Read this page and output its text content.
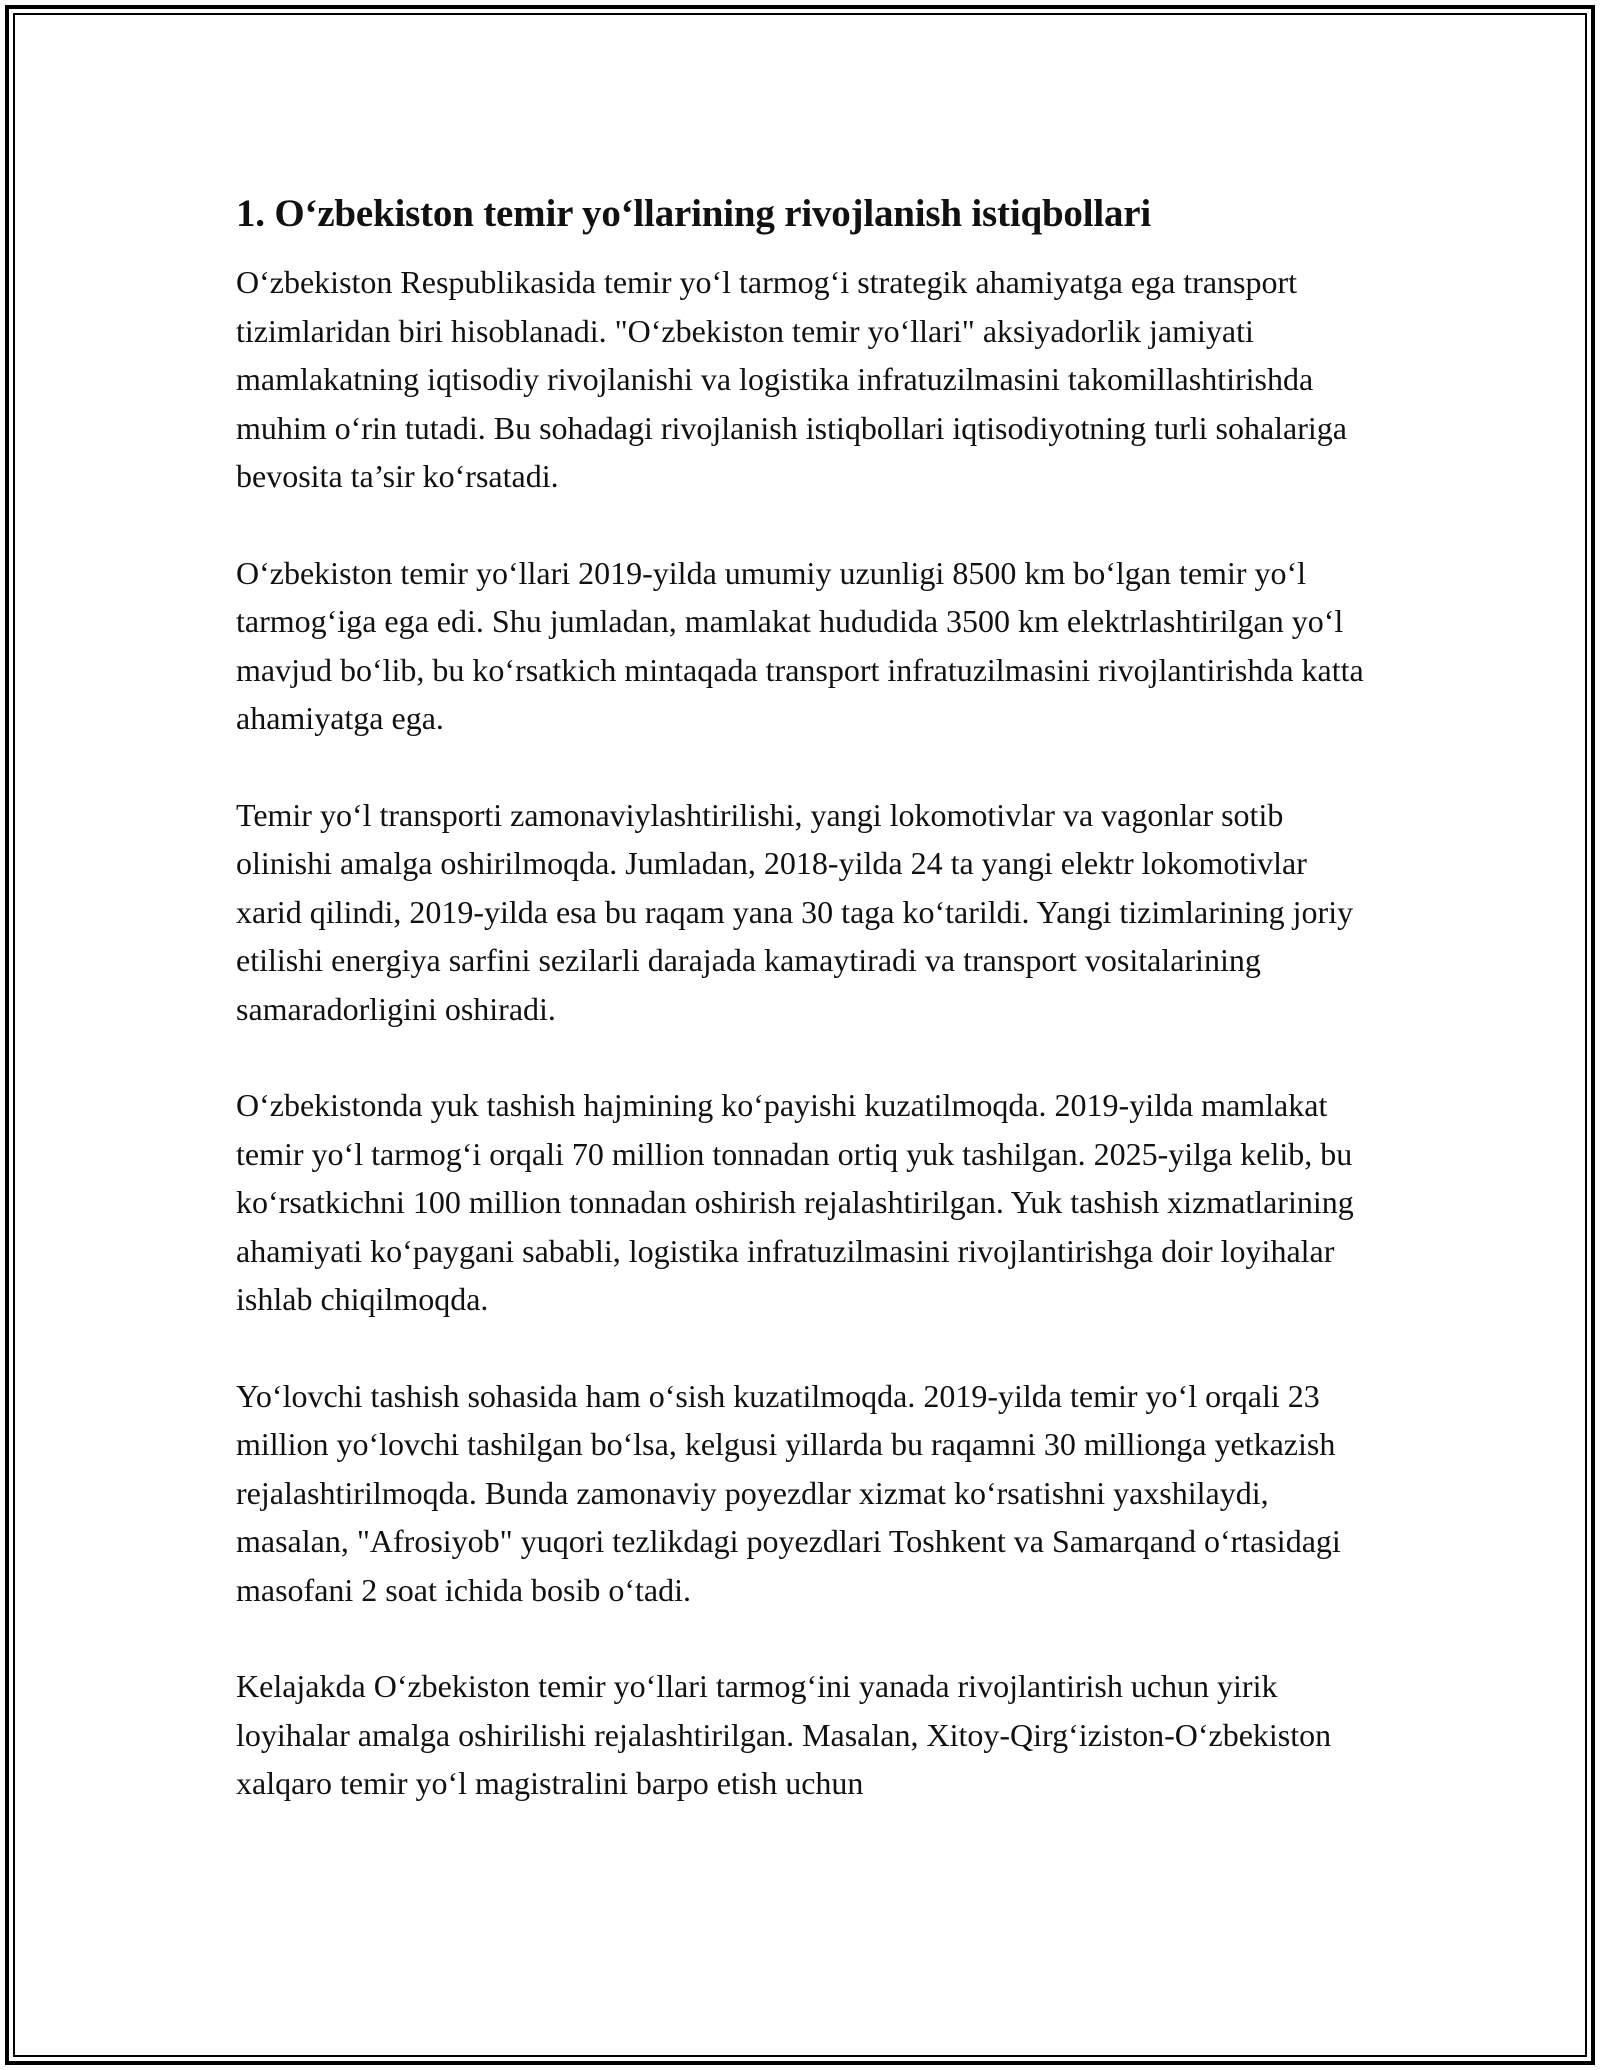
1. O‘zbekiston temir yo‘llarining rivojlanish istiqbollari

O‘zbekiston Respublikasida temir yo‘l tarmog‘i strategik ahamiyatga ega transport tizimlaridan biri hisoblanadi. "O‘zbekiston temir yo‘llari" aksiyadorlik jamiyati mamlakatning iqtisodiy rivojlanishi va logistika infratuzilmasini takomillashtirishda muhim o‘rin tutadi. Bu sohadagi rivojlanish istiqbollari iqtisodiyotning turli sohalariga bevosita ta’sir ko‘rsatadi.

O‘zbekiston temir yo‘llari 2019-yilda umumiy uzunligi 8500 km bo‘lgan temir yo‘l tarmog‘iga ega edi. Shu jumladan, mamlakat hududida 3500 km elektrlashtirilgan yo‘l mavjud bo‘lib, bu ko‘rsatkich mintaqada transport infratuzilmasini rivojlantirishda katta ahamiyatga ega.

Temir yo‘l transporti zamonaviylashtirilishi, yangi lokomotivlar va vagonlar sotib olinishi amalga oshirilmoqda. Jumladan, 2018-yilda 24 ta yangi elektr lokomotivlar xarid qilindi, 2019-yilda esa bu raqam yana 30 taga ko‘tarildi. Yangi tizimlarining joriy etilishi energiya sarfini sezilarli darajada kamaytiradi va transport vositalarining samaradorligini oshiradi.

O‘zbekistonda yuk tashish hajmining ko‘payishi kuzatilmoqda. 2019-yilda mamlakat temir yo‘l tarmog‘i orqali 70 million tonnadan ortiq yuk tashilgan. 2025-yilga kelib, bu ko‘rsatkichni 100 million tonnadan oshirish rejalashtirilgan. Yuk tashish xizmatlarining ahamiyati ko‘paygani sababli, logistika infratuzilmasini rivojlantirishga doir loyihalar ishlab chiqilmoqda.

Yo‘lovchi tashish sohasida ham o‘sish kuzatilmoqda. 2019-yilda temir yo‘l orqali 23 million yo‘lovchi tashilgan bo‘lsa, kelgusi yillarda bu raqamni 30 millionga yetkazish rejalashtirilmoqda. Bunda zamonaviy poyezdlar xizmat ko‘rsatishni yaxshilaydi, masalan, "Afrosiyob" yuqori tezlikdagi poyezdlari Toshkent va Samarqand o‘rtasidagi masofani 2 soat ichida bosib o‘tadi.

Kelajakda O‘zbekiston temir yo‘llari tarmog‘ini yanada rivojlantirish uchun yirik loyihalar amalga oshirilishi rejalashtirilgan. Masalan, Xitoy-Qirg‘iziston-O‘zbekiston xalqaro temir yo‘l magistralini barpo etish uchun
